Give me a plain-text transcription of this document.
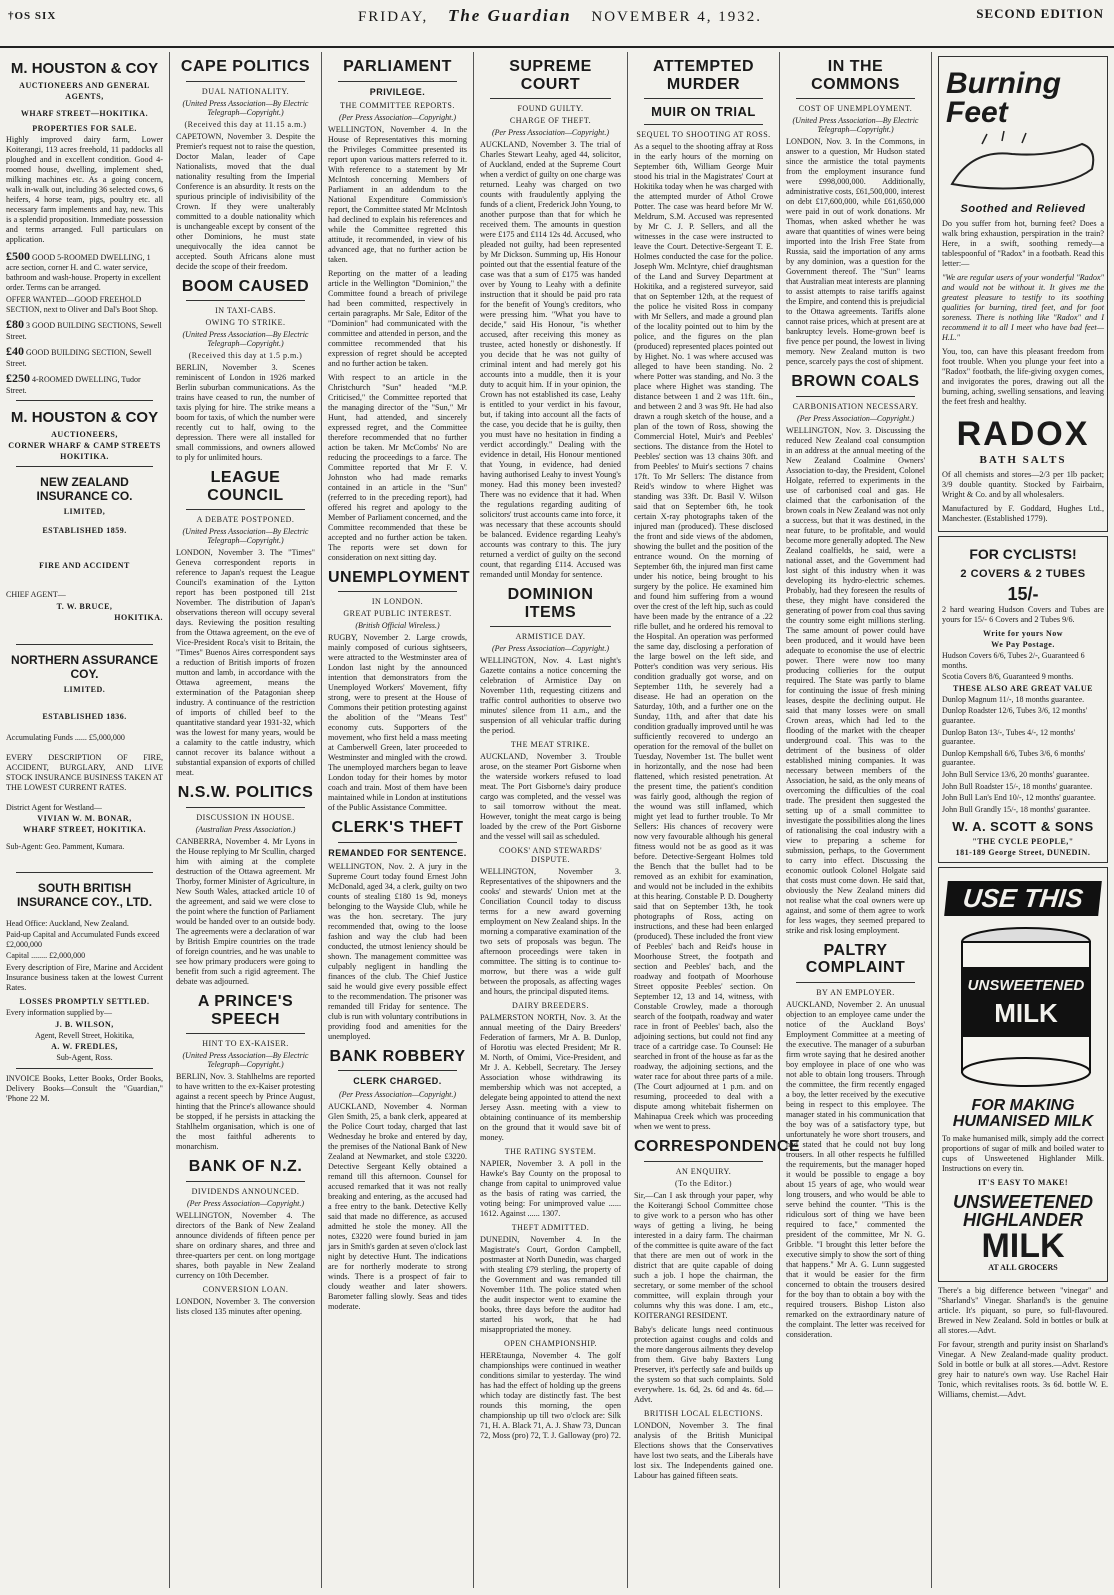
†OS SIX	FRIDAY, The Guardian NOVEMBER 4, 1932.	SECOND EDITION
M. HOUSTON & COY
AUCTIONEERS AND GENERAL
AGENTS,
WHARF STREET—HOKITIKA.
PROPERTIES FOR SALE.

Highly improved dairy farm, Lower Koiterangi, 113 acres freehold, 11 paddocks all ploughed and in excellent condition. Good 4-roomed house, dwelling, implement shed, milking machines etc. As a going concern, walk in-walk out, including 36 selected cows, 6 heifers, 4 horse team, pigs, poultry etc. all necessary farm implements and hay, new. This is a splendid proposition. Immediate possession and terms arranged. Full particulars on application.

£500 GOOD 5-ROOMED DWELLING, 1 acre section, corner H. and C. water service, bathroom and wash-house. Property in excellent order. Terms can be arranged.
OFFER WANTED—GOOD FREEHOLD SECTION, next to Oliver and Dal's Boot Shop.
£80 3 GOOD BUILDING SECTIONS, Sewell Street.
£40 GOOD BUILDING SECTION, Sewell Street.
£250 4-ROOMED DWELLING, Tudor Street.
M. HOUSTON & COY
AUCTIONEERS,
CORNER WHARF & CAMP STREETS
HOKITIKA.
NEW ZEALAND INSURANCE CO.
LIMITED,
ESTABLISHED 1859.
FIRE AND ACCIDENT
CHIEF AGENT—
T. W. BRUCE,
HOKITIKA.
NORTHERN ASSURANCE COY.
LIMITED.
ESTABLISHED 1836.
Accumulating Funds ...... £5,000,000

EVERY DESCRIPTION OF FIRE, ACCIDENT, BURGLARY, AND LIVE STOCK INSURANCE BUSINESS TAKEN AT THE LOWEST CURRENT RATES.

District Agent for Westland—
VIVIAN W. M. BONAR,
WHARF STREET, HOKITIKA.
Sub-Agent: Geo. Pamment, Kumara.
SOUTH BRITISH INSURANCE COY., LTD.
Head Office: Auckland, New Zealand.
Paid-up Capital and Accumulated Funds exceed £2,000,000
Capital ........ £2,000,000

Every description of Fire, Marine and Accident Insurance business taken at the lowest Current Rates.

LOSSES PROMPTLY SETTLED.
Every information supplied by—
J. B. WILSON,
Agent, Revell Street, Hokitika,
A. W. FREDLES,
Sub-Agent, Ross.

INVOICE Books, Letter Books, Order Books, Delivery Books—Consult the "Guardian," 'Phone 22 M.

CAPE POLITICS
DUAL NATIONALITY.
(United Press Association—By Electric Telegraph—Copyright.)
(Received this day at 11.15 a.m.)

CAPETOWN, November 3. Despite the Premier's request not to raise the question, Doctor Malan, leader of Cape Nationalists, moved that the dual nationality resulting from the Imperial Conference is an absurdity. It rests on the spurious principle of indivisibility of the Crown. If they were unalterably committed to a double nationality which is unchangeable except by consent of the other Dominions, he must state unequivocally the idea cannot be accepted. South Africans alone must decide the scope of their freedom.

BOOM CAUSED
IN TAXI-CABS.
OWING TO STRIKE.
(United Press Association—By Electric Telegraph—Copyright.)
(Received this day at 1.5 p.m.)

BERLIN, November 3. Scenes reminiscent of London in 1926 marked Berlin suburban communications. As the trains have ceased to run, the number of taxis plying for hire. The strike means a boom for taxis, of which the number were recently cut to half, owing to the depression. There were all installed for small commissions, and owners allowed to ply for unlimited hours.

LEAGUE COUNCIL
A DEBATE POSTPONED.
(United Press Association—By Electric Telegraph—Copyright.)

LONDON, November 3. The "Times" Geneva correspondent reports in reference to Japan's request the League Council's examination of the Lytton report has been postponed till 21st November. The distribution of Japan's observations thereon will occupy several days. Reviewing the position resulting from the Ottawa agreement, on the eve of Vice-President Roca's visit to Britain, the "Times" Buenos Aires correspondent says a reduction of British imports of frozen mutton and lamb, in accordance with the Ottawa agreement, means the extermination of the Patagonian sheep industry. A continuance of the restriction of imports of chilled beef to the quantitative standard year 1931-32, which was the lowest for many years, would be a calamity to the cattle industry, which cannot recover its balance without a substantial expansion of exports of chilled meat.

N.S.W. POLITICS
DISCUSSION IN HOUSE.
(Australian Press Association.)

CANBERRA, November 4. Mr Lyons in the House replying to Mr Scullin, charged him with aiming at the complete destruction of the Ottawa agreement. Mr Thorby, former Minister of Agriculture, in New South Wales, attacked article 10 of the agreement, and said we were close to the point where the function of Parliament would be handed over to an outside body. The agreements were a declaration of war by British Empire countries on the trade of foreign countries, and he was unable to see how primary producers were going to benefit from such a rigid agreement. The debate was adjourned.

A PRINCE'S SPEECH
HINT TO EX-KAISER.
(United Press Association—By Electric Telegraph—Copyright.)

BERLIN, Nov. 3. Stahlhelms are reported to have written to the ex-Kaiser protesting against a recent speech by Prince August, hinting that the Prince's allowance should be stopped, if he persists in attacking the Stahlhelm organisation, which is one of the most faithful adherents to monarchism.

BANK OF N.Z.
DIVIDENDS ANNOUNCED.
(Per Press Association—Copyright.)

WELLINGTON, November 4. The directors of the Bank of New Zealand announce dividends of fifteen pence per share on ordinary shares, and three and three-quarters per cent. on long mortgage shares, both payable in New Zealand currency on 10th December.

CONVERSION LOAN.

LONDON, November 3. The conversion lists closed 135 minutes after opening.

PARLIAMENT
PRIVILEGE.
THE COMMITTEE REPORTS.
(Per Press Association—Copyright.)

WELLINGTON, November 4. In the House of Representatives this morning the Privileges Committee presented its report upon various matters referred to it. With reference to a statement by Mr McIntosh concerning Members of Parliament in an addendum to the National Expenditure Commission's report, the Committee stated Mr McIntosh had declined to explain his references and while the Committee regretted this attitude, it recommended, in view of his advanced age, that no further action be taken.

Reporting on the matter of a leading article in the Wellington "Dominion," the Committee found a breach of privilege had been committed, respectively in certain paragraphs. Mr Sale, Editor of the "Dominion" had communicated with the committee and attended in person, and the committee recommended that his expression of regret should be accepted and no further action be taken.

With respect to an article in the Christchurch "Sun" headed "M.P. Criticised," the Committee reported that the managing director of the "Sun," Mr Hunt, had attended, and sincerely expressed regret, and the Committee therefore recommended that no further action be taken. Mr McCombs' No are reducing the proceedings to a farce. The Committee reported that Mr F. V. Johnston who had made remarks contained in an article in the "Sun" (referred to in the preceding report), had offered his regret and apology to the Member of Parliament concerned, and the Committee recommended that these be accepted and no further action be taken. The reports were set down for consideration on next sitting day.

UNEMPLOYMENT
IN LONDON.
GREAT PUBLIC INTEREST.
(British Official Wireless.)

RUGBY, November 2. Large crowds, mainly composed of curious sightseers, were attracted to the Westminster area of London last night by the announced intention that demonstrators from the Unemployed Workers' Movement, fifty strong, were to present at the House of Commons their petition protesting against the abolition of the "Means Test" economy cuts. Supporters of the movement, who first held a mass meeting at Camberwell Green, later proceeded to Westminster and mingled with the crowd. The unemployed marchers began to leave London today for their homes by motor coach and train. Most of them have been maintained while in London at institutions of the Public Assistance Committee.

CLERK'S THEFT
REMANDED FOR SENTENCE.

WELLINGTON, Nov. 2. A jury in the Supreme Court today found Ernest John McDonald, aged 34, a clerk, guilty on two counts of stealing £180 1s 9d, moneys belonging to the Wayside Club, while he was the hon. secretary. The jury recommended that, owing to the loose fashion and way the club had been conducted, the utmost leniency should be shown. The management committee was culpably negligent in handling the finances of the club. The Chief Justice said he would give every possible effect to the recommendation. The prisoner was remanded till Friday for sentence. The club is run with voluntary contributions in providing food and amenities for the unemployed.

BANK ROBBERY
CLERK CHARGED.
(Per Press Association—Copyright.)

AUCKLAND, November 4. Norman Glen Smith, 25, a bank clerk, appeared at the Police Court today, charged that last Wednesday he broke and entered by day, the premises of the National Bank of New Zealand at Newmarket, and stole £3220. Detective Sergeant Kelly obtained a remand till this afternoon. Counsel for accused remarked that it was not really breaking and entering, as the accused had a free entry to the bank. Detective Kelly said that made no difference, as accused admitted he stole the money. All the notes, £3220 were found buried in jam jars in Smith's garden at seven o'clock last night by detective Hunt. The indications are for northerly moderate to strong winds. There is a prospect of fair to cloudy weather and later showers. Barometer falling slowly. Seas and tides moderate.

SUPREME COURT
FOUND GUILTY.
CHARGE OF THEFT.
(Per Press Association—Copyright.)

AUCKLAND, November 3. The trial of Charles Stewart Leahy, aged 44, solicitor, of Auckland, ended at the Supreme Court when a verdict of guilty on one charge was returned. Leahy was charged on two counts with fraudulently applying the funds of a client, Frederick John Young, to another purpose than that for which he received them. The amounts in question were £175 and £114 12s 4d. Accused, who pleaded not guilty, had been represented by Mr Dickson. Summing up, His Honour pointed out that the essential feature of the case was that a sum of £175 was handed over by Young to Leahy with a definite instruction that it should be paid pro rata for the benefit of Young's creditors, who were pressing him. "What you have to decide," said His Honour, "is whether accused, after receiving this money as trustee, acted honestly or dishonestly. If you decide that he was not guilty of criminal intent and had merely got his accounts into a muddle, then it is your duty to acquit him. If in your opinion, the Crown has not established its case, Leahy is entitled to your verdict in his favour, but, if taking into account all the facts of the case, you decide that he is guilty, then you must have no hesitation in finding a verdict accordingly." Dealing with the evidence in detail, His Honour mentioned that Young, in evidence, had denied having authorised Leahy to invest Young's money. Had this money been invested? There was no evidence that it had. When the regulations regarding auditing of solicitors' trust accounts came into force, it was necessary that these accounts should be balanced. Evidence regarding Leahy's accounts was contrary to this. The jury returned a verdict of guilty on the second count, that regarding £114. Accused was remanded until Monday for sentence.

DOMINION ITEMS
ARMISTICE DAY.
(Per Press Association—Copyright.)

WELLINGTON, Nov. 4. Last night's Gazette contains a notice concerning the celebration of Armistice Day on November 11th, requesting citizens and traffic control authorities to observe two minutes' silence from 11 a.m., and the suspension of all vehicular traffic during the period.

THE MEAT STRIKE.

AUCKLAND, November 3. Trouble arose, on the steamer Port Gisborne when the waterside workers refused to load meat. The Port Gisborne's dairy produce cargo was completed, and the vessel was to sail tomorrow without the meat. However, tonight the meat cargo is being loaded by the crew of the Port Gisborne and the vessel will sail as scheduled.

COOKS' AND STEWARDS' DISPUTE.

WELLINGTON, November 3. Representatives of the shipowners and the cooks' and stewards' Union met at the Conciliation Council today to discuss terms for a new award governing employment on New Zealand ships. In the morning a comparative examination of the two sets of proposals was begun. The afternoon proceedings were taken in committee. The sitting is to continue to-morrow, but there was a wide gulf between the proposals, as affecting wages and hours, the principal disputed items.

DAIRY BREEDERS.

PALMERSTON NORTH, Nov. 3. At the annual meeting of the Dairy Breeders' Federation of farmers, Mr A. B. Dunlop, of Horotiu was elected President; Mr R. M. North, of Omimi, Vice-President, and Mr J. A. Kebbell, Secretary. The Jersey Association whose withdrawing its membership which was not accepted, a delegate being appointed to attend the next Jersey Assn. meeting with a view to obtaining continuance of its membership on the ground that it would save bit of money.

THE RATING SYSTEM.

NAPIER, November 3. A poll in the Hawke's Bay County on the proposal to change from capital to unimproved value as the basis of rating was carried, the voting being: For unimproved value ...... 1612. Against ...... 1307.

THEFT ADMITTED.

DUNEDIN, November 4. In the Magistrate's Court, Gordon Campbell, postmaster at North Dunedin, was charged with stealing £79 sterling, the property of the Government and was remanded till November 11th. The police stated when the audit inspector went to examine the books, three days before the auditor had started his work, that he had misappropriated the money.

OPEN CHAMPIONSHIP.

HEREtaunga, November 4. The golf championships were continued in weather conditions similar to yesterday. The wind has had the effect of holding up the greens which today are distinctly fast. The best rounds this morning, the open championship up till two o'clock are: Silk 71, H. A. Black 71, A. J. Shaw 73, Duncan 72, Moss (pro) 72, T. J. Galloway (pro) 72.

ATTEMPTED MURDER
MUIR ON TRIAL
SEQUEL TO SHOOTING AT ROSS.

As a sequel to the shooting affray at Ross in the early hours of the morning on September 6th, William George Muir stood his trial in the Magistrates' Court at Hokitika today when he was charged with the attempted murder of Athol Crowe Potter. The case was heard before Mr W. Meldrum, S.M. Accused was represented by Mr C. J. P. Sellers, and all the witnesses in the case were instructed to leave the Court. Detective-Sergeant T. E. Holmes conducted the case for the police. Joseph Wm. McIntyre, chief draughtsman of the Land and Survey Department at Hokitika, and a registered surveyor, said that on September 12th, at the request of the police he visited Ross in company with Mr Sellers, and made a ground plan of the locality pointed out to him by the police, and the figures on the plan (produced) represented places pointed out by Highet. No. 1 was where accused was alleged to have been standing. No. 2 where Potter was standing, and No. 3 the place where Highet was standing. The distance between 1 and 2 was 11ft. 6in., and between 2 and 3 was 9ft. He had also drawn a rough sketch of the house, and a plan of the town of Ross, showing the Commercial Hotel, Muir's and Peebles' sections. The distance from the Hotel to Peebles' section was 13 chains 30ft. and from Peebles' to Muir's sections 7 chains 17ft. To Mr Sellers: The distance from Reid's window to where Highet was standing was 33ft. Dr. Basil V. Wilson said that on September 6th, he took certain X-ray photographs taken of the injured man (produced). These disclosed the front and side views of the abdomen, showing the bullet and the position of the entrance wound. On the morning of September 6th, the injured man first came under his notice, being brought to his surgery by the police. He examined him and found him suffering from a wound over the crest of the left hip, such as could have been made by the entrance of a .22 rifle bullet, and he ordered his removal to the Hospital. An operation was performed the same day, disclosing a perforation of the large bowel on the left side, and Potter's condition was very serious. His condition gradually got worse, and on September 11th, he severely had a disease. He had an operation on the Saturday, 10th, and a further one on the Sunday, 11th, and after that date his condition gradually improved until he was sufficiently recovered to undergo an operation for the removal of the bullet on Tuesday, November 1st. The bullet went in horizontally, and the nose had been flattened, which resisted penetration. At the present time, the patient's condition was fairly good, although the region of the wound was still inflamed, which might yet lead to further trouble. To Mr Sellers: His chances of recovery were now very favourable although his general fitness would not be as good as it was before. Detective-Sergeant Holmes told the Bench that the bullet had to be removed as an exhibit for examination, and would not be included in the exhibits at this hearing. Constable P. D. Dougherty said that on September 13th, he took photographs of Ross, acting on instructions, and these had been enlarged (produced). These included the front view of Peebles' bach and Reid's house in Moorhouse Street, the footpath and section and Peebles' bach, and the roadway and footpath of Moorhouse Street opposite Peebles' section. On September 12, 13 and 14, witness, with Constable Crowley, made a thorough search of the footpath, roadway and water race in front of Peebles' bach, also the adjoining sections, but could not find any trace of a cartridge case. To Counsel: He searched in front of the house as far as the roadway, the adjoining sections, and the water race for about three parts of a mile. (The Court adjourned at 1 p.m. and on resuming, proceeded to deal with a dispute among whitebait fishermen on Mahinapua Creek which was proceeding when we went to press.

CORRESPONDENCE
AN ENQUIRY.
(To the Editor.)

Sir,—Can I ask through your paper, why the Koiterangi School Committee chose to give work to a person who has other ways of getting a living, he being interested in a dairy farm. The chairman of the committee is quite aware of the fact that there are men out of work in the district that are quite capable of doing such a job. I hope the chairman, the secretary, or some member of the school committee, will explain through your columns why this was done. I am, etc., KOITERANGI RESIDENT.

Baby's delicate lungs need continuous protection against coughs and colds and the more dangerous ailments they develop from them. Give baby Baxters Lung Preserver, it's perfectly safe and builds up the system so that such complaints. Sold everywhere. 1s. 6d, 2s. 6d and 4s. 6d.—Advt.

BRITISH LOCAL ELECTIONS.

LONDON, November 3. The final analysis of the British Municipal Elections shows that the Conservatives have lost two seats, and the Liberals have lost six. The Independents gained one. Labour has gained fifteen seats.

IN THE COMMONS
COST OF UNEMPLOYMENT.
(United Press Association—By Electric Telegraph—Copyright.)

LONDON, Nov. 3. In the Commons, in answer to a question, Mr Hudson stated since the armistice the total payments from the employment insurance fund were £998,000,000. Additionally, administrative costs, £61,500,000, interest on debt £17,600,000, while £61,650,000 were paid in out of work donations. Mr Thomas, when asked whether he was aware that quantities of wines were being imported into the Irish Free State from Russia, said the importation of any arms by any dominion, was a question for the Government thereof. The "Sun" learns that Australian meat interests are planning to assist attempts to raise tariffs against the Empire, and contend this is prejudicial to the Ottawa agreements. Tariffs alone cannot raise prices, which at present are at bankruptcy levels. Home-grown beef is five pence per pound, the lowest in living memory. New Zealand mutton is two pence, scarcely pays the cost of shipment.

BROWN COALS
CARBONISATION NECESSARY.
(Per Press Association—Copyright.)

WELLINGTON, Nov. 3. Discussing the reduced New Zealand coal consumption in an address at the annual meeting of the New Zealand Coalmine Owners' Association to-day, the President, Colonel Holgate, referred to experiments in the use of carbonised coal and gas. He claimed that the carbonisation of the brown coals in New Zealand was not only a success, but that it was destined, in the near future, to be profitable, and would become more generally adopted. The New Zealand coalfields, he said, were a national asset, and the Government had lost sight of this industry when it was developing its hydro-electric schemes. Probably, had they foreseen the results of these, they might have considered the generating of power from coal thus saving the country some eight millions sterling. The same amount of power could have been produced, and it would have been adequate to economise the use of electric power. There were now too many producing collieries for the output required. The State was partly to blame for continuing the issue of fresh mining leases, despite the declining output. He said that many losses were on small Crown areas, which had led to the flooding of the market with the cheaper underground coal. This was to the detriment of the business of older established mining companies. It was necessary between members of the Association, he said, as the only means of overcoming the difficulties of the coal trade. The president then suggested the setting up of a small committee to investigate the possibilities along the lines of rationalising the coal industry with a view to preparing a scheme for submission, perhaps, to the Government to carry into effect. Discussing the economic outlook Colonel Holgate said that costs must come down. He said that, obviously the New Zealand miners did not realise what the coal owners were up against, and some of them agree to work for less wages, they seemed prepared to strike and risk losing employment.

PALTRY COMPLAINT
BY AN EMPLOYER.

AUCKLAND, November 2. An unusual objection to an employee came under the notice of the Auckland Boys' Employment Committee at a meeting of the executive. The manager of a suburban firm wrote saying that he desired another boy employee in place of one who was not able to obtain long trousers. Through the committee, the firm recently engaged a boy, the letter received by the executive being in respect to this employee. The manager stated in his communication that the boy was of a satisfactory type, but unfortunately he wore short trousers, and had stated that he could not buy long trousers. In all other respects he fulfilled the requirements, but the manager hoped it would be possible to engage a boy about 15 years of age, who would wear long trousers, and who would be able to serve behind the counter. "This is the ridiculous sort of thing we have been required to face," commented the president of the committee, Mr N. G. Gribble. "I brought this letter before the executive simply to show the sort of thing that happens." Mr A. G. Lunn suggested that it would be easier for the firm concerned to obtain the trousers desired for the boy than to obtain a boy with the required trousers. Bishop Liston also remarked on the extraordinary nature of the complaint. The letter was received for consideration.

Burning Feet
Soothed and Relieved

Do you suffer from hot, burning feet? Does a walk bring exhaustion, perspiration in the train? Here, in a swift, soothing remedy—a tablespoonful of "Radox" in a footbath. Read this letter:—

"We are regular users of your wonderful "Radox" and would not be without it. It gives me the greatest pleasure to testify to its soothing qualities for burning, tired feet, and for foot soreness. There is nothing like "Radox" and I recommend it to all I meet who have bad feet—H.L."

You, too, can have this pleasant freedom from foot trouble. When you plunge your feet into a "Radox" footbath, the life-giving oxygen comes, and invigorates the pores, drawing out all the burning, aching, swelling sensations, and leaving the feet fresh and healthy.

RADOX
BATH SALTS

Of all chemists and stores—2/3 per 1lb packet; 3/9 double quantity. Stocked by Fairbairn, Wright & Co. and by all wholesalers.

Manufactured by F. Goddard, Hughes Ltd., Manchester. (Established 1779).

FOR CYCLISTS!
2 COVERS & 2 TUBES
15/-

2 hard wearing Hudson Covers and Tubes are yours for 15/- 6 Covers and 2 Tubes 9/6.

Write for yours Now
We Pay Postage.
Hudson Covers 6/6, Tubes 2/-, Guaranteed 6 months.
Scotia Covers 8/6, Guaranteed 9 months.
THESE ALSO ARE GREAT VALUE
Dunlop Magnum 11/-, 18 months guarantee.
Dunlop Roadster 12/6, Tubes 3/6, 12 months' guarantee.
Dunlop Baton 13/-, Tubes 4/-, 12 months' guarantee.
Dunlop Kempshall 6/6, Tubes 3/6, 6 months' guarantee.
John Bull Service 13/6, 20 months' guarantee.
John Bull Roadster 15/-, 18 months' guarantee.
John Bull Lan's End 10/-, 12 months' guarantee.
John Bull Grandly 15/-, 18 months' guarantee.
W. A. SCOTT & SONS
"THE CYCLE PEOPLE,"
181-189 George Street, DUNEDIN.
USE THIS
UNSWEETENED
MILK
FOR MAKING HUMANISED MILK

To make humanised milk, simply add the correct proportions of sugar of milk and boiled water to cups of Unsweetened Highlander Milk. Instructions on every tin.

IT'S EASY TO MAKE!
UNSWEETENED HIGHLANDER
MILK
AT ALL GROCERS

There's a big difference between "vinegar" and "Sharland's" Vinegar. Sharland's is the genuine article. It's piquant, so pure, so full-flavoured. Brewed in New Zealand. Sold in bottles or bulk at all stores.—Advt.

For favour, strength and purity insist on Sharland's Vinegar. A New Zealand-made quality product. Sold in bottle or bulk at all stores.—Advt. Restore grey hair to nature's own way. Use Rachel Hair Tonic, which revitalises roots. 3s 6d. bottle W. E. Williams, chemist.—Advt.
